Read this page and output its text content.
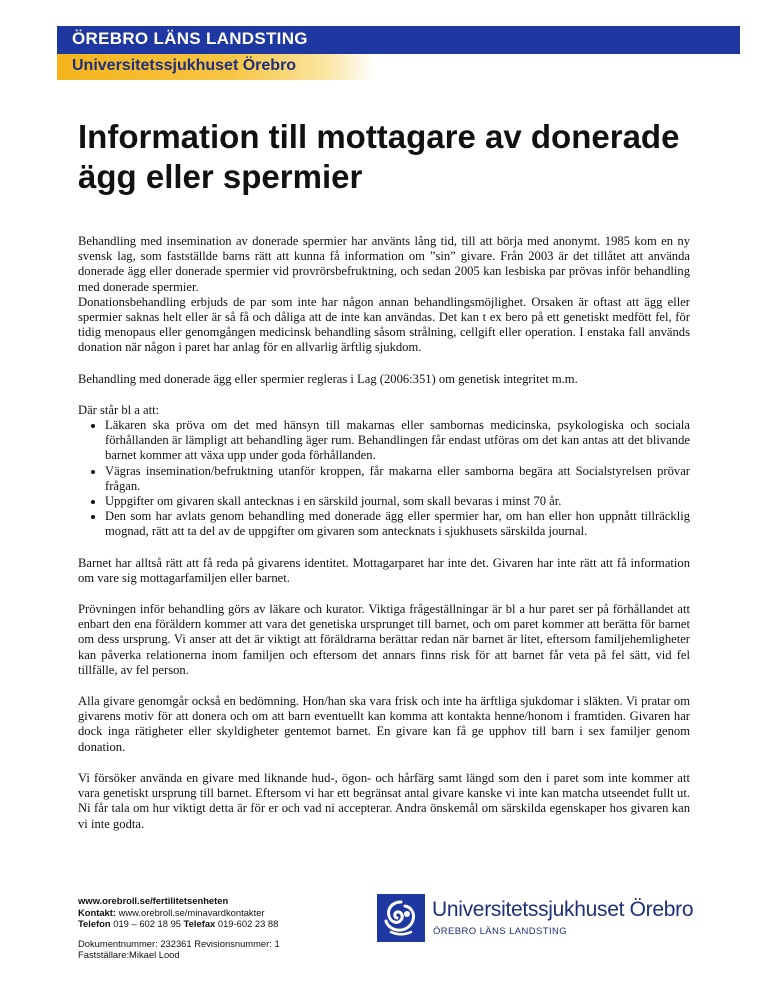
ÖREBRO LÄNS LANDSTING
Universitetssjukhuset Örebro
Information till mottagare av donerade ägg eller spermier

Behandling med insemination av donerade spermier har använts lång tid, till att börja med anonymt. 1985 kom en ny svensk lag, som fastställde barns rätt att kunna få information om ”sin” givare. Från 2003 är det tillåtet att använda donerade ägg eller donerade spermier vid provrörsbefruktning, och sedan 2005 kan lesbiska par prövas inför behandling med donerade spermier.

Donationsbehandling erbjuds de par som inte har någon annan behandlingsmöjlighet. Orsaken är oftast att ägg eller spermier saknas helt eller är så få och dåliga att de inte kan användas. Det kan t ex bero på ett genetiskt medfött fel, för tidig menopaus eller genomgången medicinsk behandling såsom strålning, cellgift eller operation. I enstaka fall används donation när någon i paret har anlag för en allvarlig ärftlig sjukdom.

Behandling med donerade ägg eller spermier regleras i Lag (2006:351) om genetisk integritet m.m.

Där står bl a att:

• Läkaren ska pröva om det med hänsyn till makarnas eller sambornas medicinska, psykologiska och sociala förhållanden är lämpligt att behandling äger rum. Behandlingen får endast utföras om det kan antas att det blivande barnet kommer att växa upp under goda förhållanden.
• Vägras insemination/befruktning utanför kroppen, får makarna eller samborna begära att Socialstyrelsen prövar frågan.
• Uppgifter om givaren skall antecknas i en särskild journal, som skall bevaras i minst 70 år.
• Den som har avlats genom behandling med donerade ägg eller spermier har, om han eller hon uppnått tillräcklig mognad, rätt att ta del av de uppgifter om givaren som antecknats i sjukhusets särskilda journal.

Barnet har alltså rätt att få reda på givarens identitet. Mottagarparet har inte det. Givaren har inte rätt att få information om vare sig mottagarfamiljen eller barnet.

Prövningen inför behandling görs av läkare och kurator. Viktiga frågeställningar är bl a hur paret ser på förhållandet att enbart den ena föräldern kommer att vara det genetiska ursprunget till barnet, och om paret kommer att berätta för barnet om dess ursprung. Vi anser att det är viktigt att föräldrarna berättar redan när barnet är litet, eftersom familjehemligheter kan påverka relationerna inom familjen och eftersom det annars finns risk för att barnet får veta på fel sätt, vid fel tillfälle, av fel person.

Alla givare genomgår också en bedömning. Hon/han ska vara frisk och inte ha ärftliga sjukdomar i släkten. Vi pratar om givarens motiv för att donera och om att barn eventuellt kan komma att kontakta henne/honom i framtiden. Givaren har dock inga rätigheter eller skyldigheter gentemot barnet. En givare kan få ge upphov till barn i sex familjer genom donation.

Vi försöker använda en givare med liknande hud-, ögon- och hårfärg samt längd som den i paret som inte kommer att vara genetiskt ursprung till barnet. Eftersom vi har ett begränsat antal givare kanske vi inte kan matcha utseendet fullt ut. Ni får tala om hur viktigt detta är för er och vad ni accepterar. Andra önskemål om särskilda egenskaper hos givaren kan vi inte godta.

www.orebroll.se/fertilitetsenheten
Kontakt: www.orebroll.se/minavardkontakter
Telefon 019 – 602 18 95 Telefax 019-602 23 88
Dokumentnummer: 232361 Revisionsnummer: 1
Fastställare:Mikael Lood
Universitetssjukhuset Örebro
ÖREBRO LÄNS LANDSTING
